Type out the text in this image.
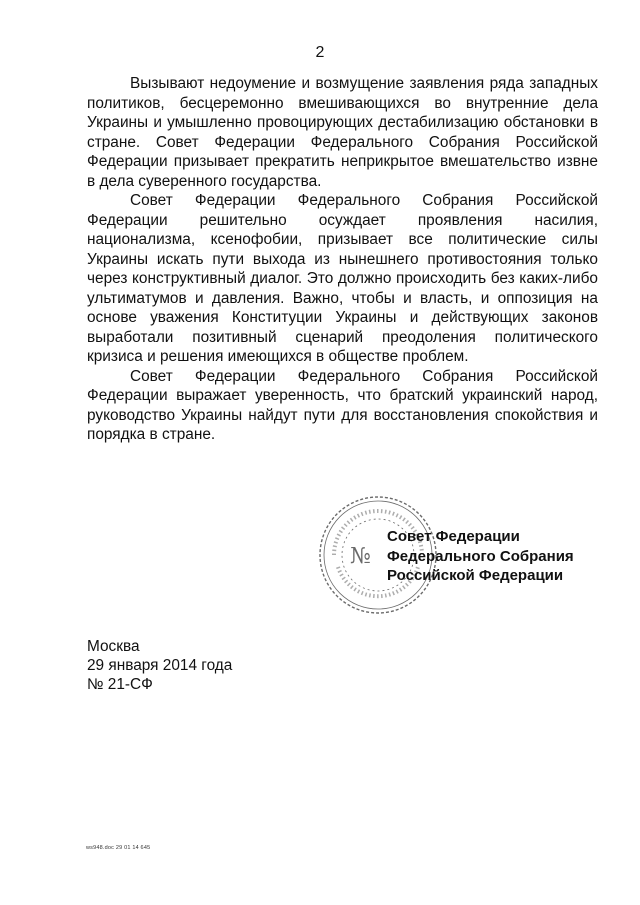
2

Вызывают недоумение и возмущение заявления ряда западных политиков, бесцеремонно вмешивающихся во внутренние дела Украины и умышленно провоцирующих дестабилизацию обстановки в стране. Совет Федерации Федерального Собрания Российской Федерации призывает прекратить неприкрытое вмешательство извне в дела суверенного государства.

Совет Федерации Федерального Собрания Российской Федерации решительно осуждает проявления насилия, национализма, ксенофобии, призывает все политические силы Украины искать пути выхода из нынешнего противостояния только через конструктивный диалог. Это должно происходить без каких-либо ультиматумов и давления. Важно, чтобы и власть, и оппозиция на основе уважения Конституции Украины и действующих законов выработали позитивный сценарий преодоления политического кризиса и решения имеющихся в обществе проблем.

Совет Федерации Федерального Собрания Российской Федерации выражает уверенность, что братский украинский народ, руководство Украины найдут пути для восстановления спокойствия и порядка в стране.

№
Совет Федерации
Федерального Собрания
Российской Федерации
Москва
29 января 2014 года
№ 21-СФ
ws948.doc 29 01 14 645
